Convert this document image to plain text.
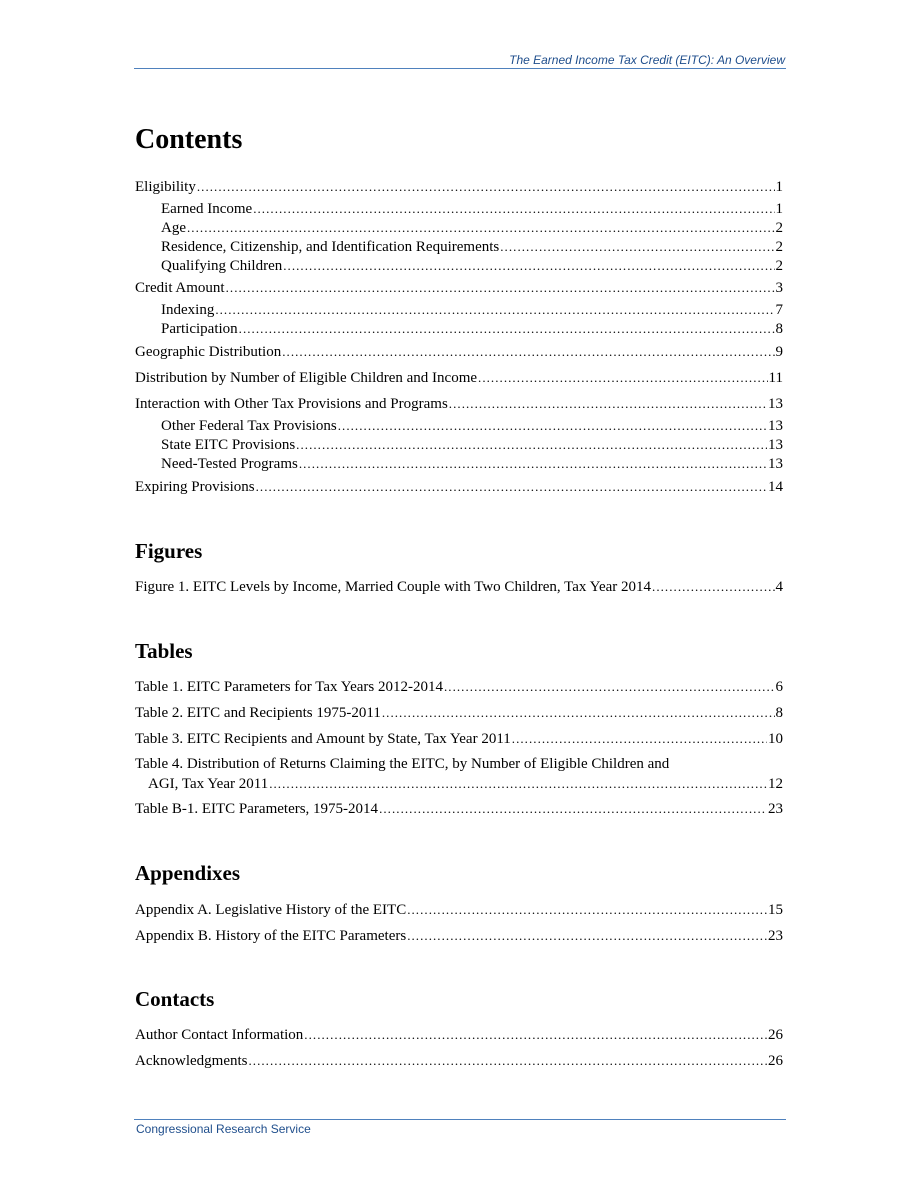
The Earned Income Tax Credit (EITC): An Overview
Contents
Eligibility . . .	1
Earned Income . . .	1
Age . . .	2
Residence, Citizenship, and Identification Requirements . . .	2
Qualifying Children . . .	2
Credit Amount . . .	3
Indexing . . .	7
Participation . . .	8
Geographic Distribution . . .	9
Distribution by Number of Eligible Children and Income . . .	11
Interaction with Other Tax Provisions and Programs . . .	13
Other Federal Tax Provisions . . .	13
State EITC Provisions . . .	13
Need-Tested Programs . . .	13
Expiring Provisions . . .	14
Figures
Figure 1. EITC Levels by Income, Married Couple with Two Children, Tax Year 2014 . . .	4
Tables
Table 1. EITC Parameters for Tax Years 2012-2014 . . .	6
Table 2. EITC and Recipients 1975-2011 . . .	8
Table 3. EITC Recipients and Amount by State, Tax Year 2011 . . .	10
Table 4. Distribution of Returns Claiming the EITC, by Number of Eligible Children and
AGI, Tax Year 2011 . . .	12
Table B-1. EITC Parameters, 1975-2014 . . .	23
Appendixes
Appendix A. Legislative History of the EITC . . .	15
Appendix B. History of the EITC Parameters . . .	23
Contacts
Author Contact Information . . .	26
Acknowledgments . . .	26
Congressional Research Service
